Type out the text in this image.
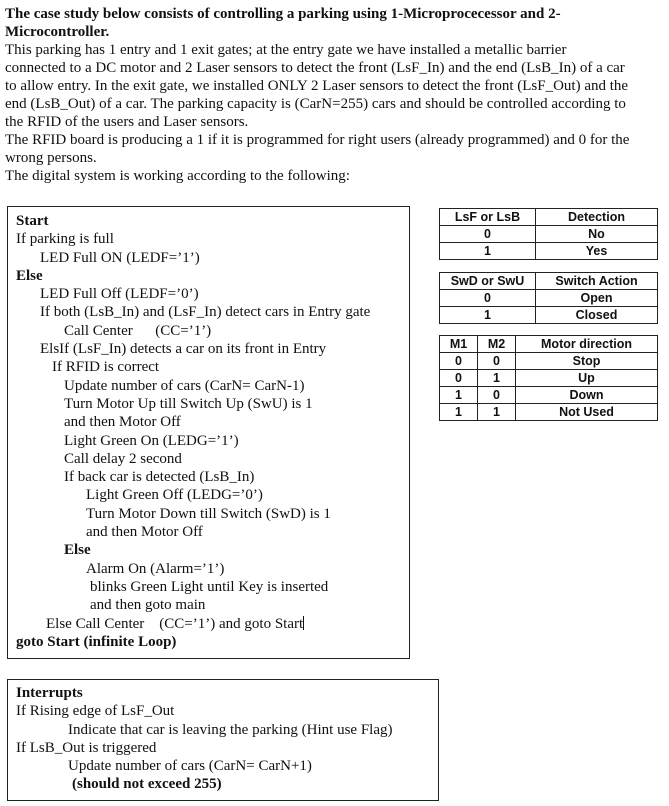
The case study below consists of controlling a parking using 1-Microprocecessor and 2-Microcontroller.

This parking has 1 entry and 1 exit gates; at the entry gate we have installed a metallic barrier connected to a DC motor and 2 Laser sensors to detect the front (LsF_In) and the end (LsB_In) of a car to allow entry. In the exit gate, we installed ONLY 2 Laser sensors to detect the front (LsF_Out) and the end (LsB_Out) of a car. The parking capacity is (CarN=255) cars and should be controlled according to the RFID of the users and Laser sensors.

The RFID board is producing a 1 if it is programmed for right users (already programmed) and 0 for the wrong persons.

The digital system is working according to the following:

Start
If parking is full
LED Full ON (LEDF=’1’)
Else
LED Full Off (LEDF=’0’)
If both (LsB_In) and (LsF_In) detect cars in Entry gate
Call Center      (CC=’1’)
ElsIf (LsF_In) detects a car on its front in Entry
If RFID is correct
Update number of cars (CarN= CarN-1)
Turn Motor Up till Switch Up (SwU) is 1
and then Motor Off
Light Green On (LEDG=’1’)
Call delay 2 second
If back car is detected (LsB_In)
Light Green Off (LEDG=’0’)
Turn Motor Down till Switch (SwD) is 1
and then Motor Off
Else
Alarm On (Alarm=’1’)
blinks Green Light until Key is inserted
and then goto main
Else Call Center    (CC=’1’) and goto Start
goto Start (infinite Loop)
Interrupts
If Rising edge of LsF_Out
Indicate that car is leaving the parking (Hint use Flag)
If LsB_Out is triggered
Update number of cars (CarN= CarN+1)
(should not exceed 255)
LsF or LsB	Detection
0	No
1	Yes
SwD or SwU	Switch Action
0	Open
1	Closed
M1	M2	Motor direction
0	0	Stop
0	1	Up
1	0	Down
1	1	Not Used
